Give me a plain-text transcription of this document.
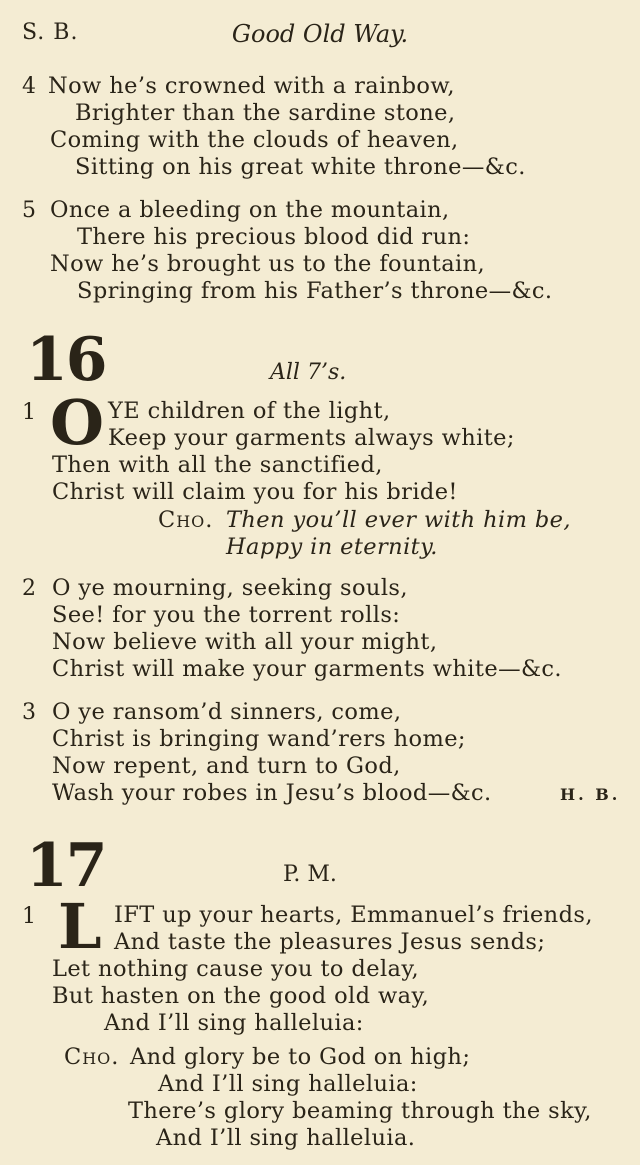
S. B.	Good Old Way.
4 Now he’s crowned with a rainbow,
Brighter than the sardine stone,
Coming with the clouds of heaven,
Sitting on his great white throne—&c.
5 Once a bleeding on the mountain,
There his precious blood did run:
Now he’s brought us to the fountain,
Springing from his Father’s throne—&c.
16	All 7’s.
1 O YE children of the light,
Keep your garments always white;
Then with all the sanctified,
Christ will claim you for his bride!
Cho. Then you’ll ever with him be,
Happy in eternity.
2 O ye mourning, seeking souls,
See! for you the torrent rolls:
Now believe with all your might,
Christ will make your garments white—&c.
3 O ye ransom’d sinners, come,
Christ is bringing wand’rers home;
Now repent, and turn to God,
Wash your robes in Jesu’s blood—&c.	H. B.
17	P. M.
1 L IFT up your hearts, Emmanuel’s friends,
And taste the pleasures Jesus sends;
Let nothing cause you to delay,
But hasten on the good old way,
And I’ll sing halleluia:
Cho. And glory be to God on high;
And I’ll sing halleluia:
There’s glory beaming through the sky,
And I’ll sing halleluia.
